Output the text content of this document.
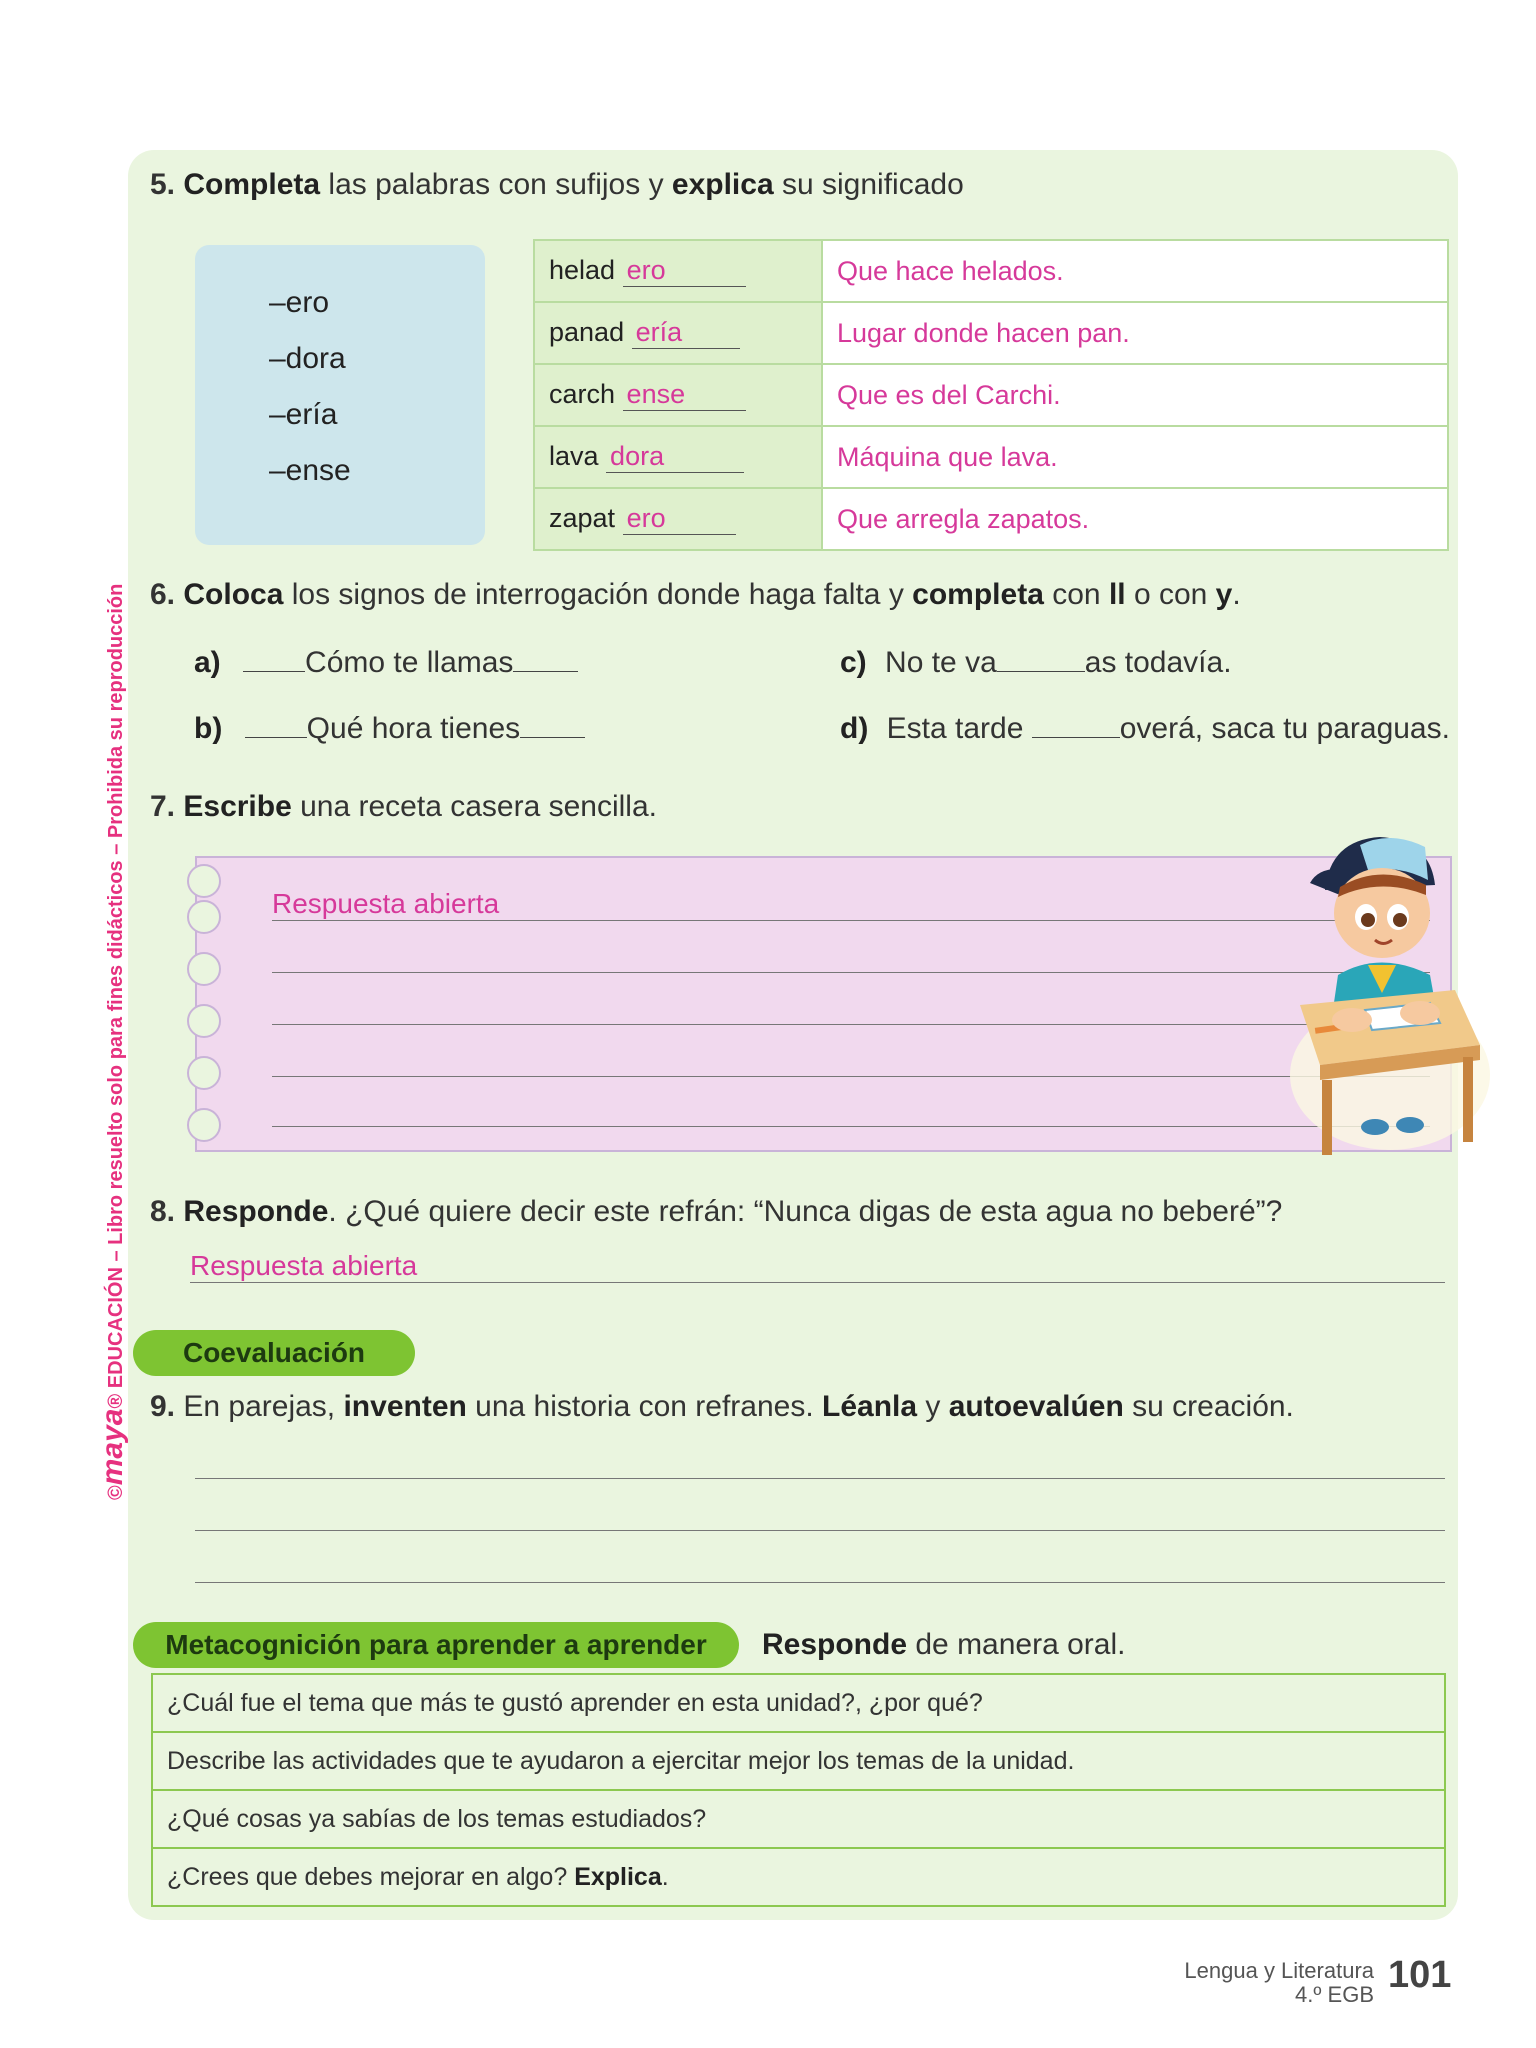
©maya® EDUCACIÓN – Libro resuelto solo para fines didácticos – Prohibida su reproducción
5. Completa las palabras con sufijos y explica su significado
–ero
–dora
–ería
–ense
helad ero	Que hace helados.
panad ería	Lugar donde hacen pan.
carch ense	Que es del Carchi.
lava dora	Máquina que lava.
zapat ero	Que arregla zapatos.
6. Coloca los signos de interrogación donde haga falta y completa con ll o con y.
a)	Cómo te llamas
b)	Qué hora tienes
c) No te va	as todavía.
d) Esta tarde	overá, saca tu paraguas.
7. Escribe una receta casera sencilla.
Respuesta abierta
8. Responde. ¿Qué quiere decir este refrán: “Nunca digas de esta agua no beberé”?
Respuesta abierta
Coevaluación
9. En parejas, inventen una historia con refranes. Léanla y autoevalúen su creación.
Metacognición para aprender a aprender	Responde de manera oral.
¿Cuál fue el tema que más te gustó aprender en esta unidad?, ¿por qué?
Describe las actividades que te ayudaron a ejercitar mejor los temas de la unidad.
¿Qué cosas ya sabías de los temas estudiados?
¿Crees que debes mejorar en algo? Explica.
Lengua y Literatura
4.º EGB 101
